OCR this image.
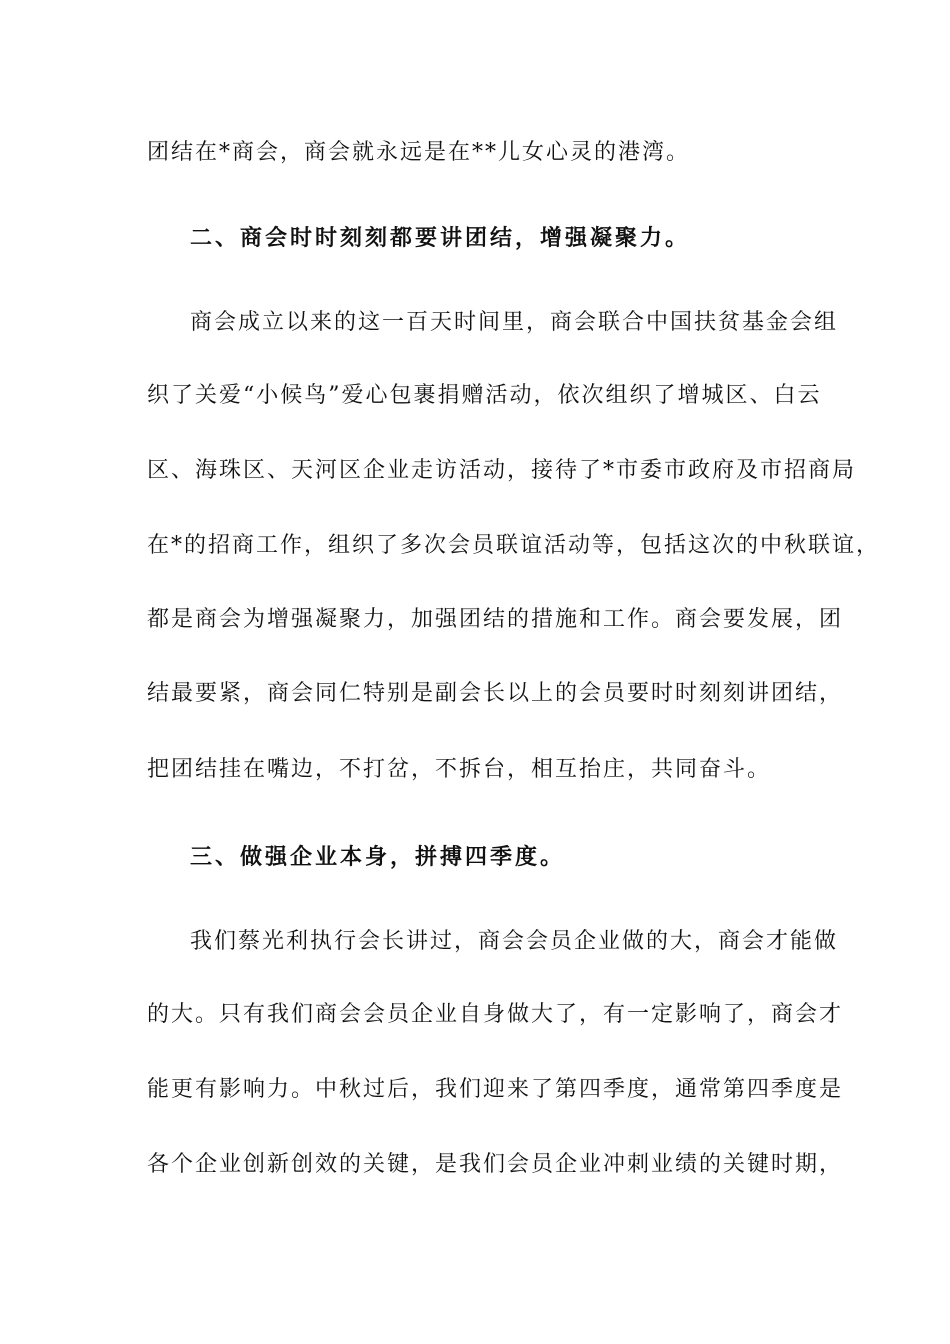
团结在*商会，商会就永远是在**儿女心灵的港湾。
二、商会时时刻刻都要讲团结，增强凝聚力。
商会成立以来的这一百天时间里，商会联合中国扶贫基金会组
织了关爱“小候鸟”爱心包裹捐赠活动，依次组织了增城区、白云
区、海珠区、天河区企业走访活动，接待了*市委市政府及市招商局
在*的招商工作，组织了多次会员联谊活动等，包括这次的中秋联谊，
都是商会为增强凝聚力，加强团结的措施和工作。商会要发展，团
结最要紧，商会同仁特别是副会长以上的会员要时时刻刻讲团结，
把团结挂在嘴边，不打岔，不拆台，相互抬庄，共同奋斗。
三、做强企业本身，拼搏四季度。
我们蔡光利执行会长讲过，商会会员企业做的大，商会才能做
的大。只有我们商会会员企业自身做大了，有一定影响了，商会才
能更有影响力。中秋过后，我们迎来了第四季度，通常第四季度是
各个企业创新创效的关键，是我们会员企业冲刺业绩的关键时期，
